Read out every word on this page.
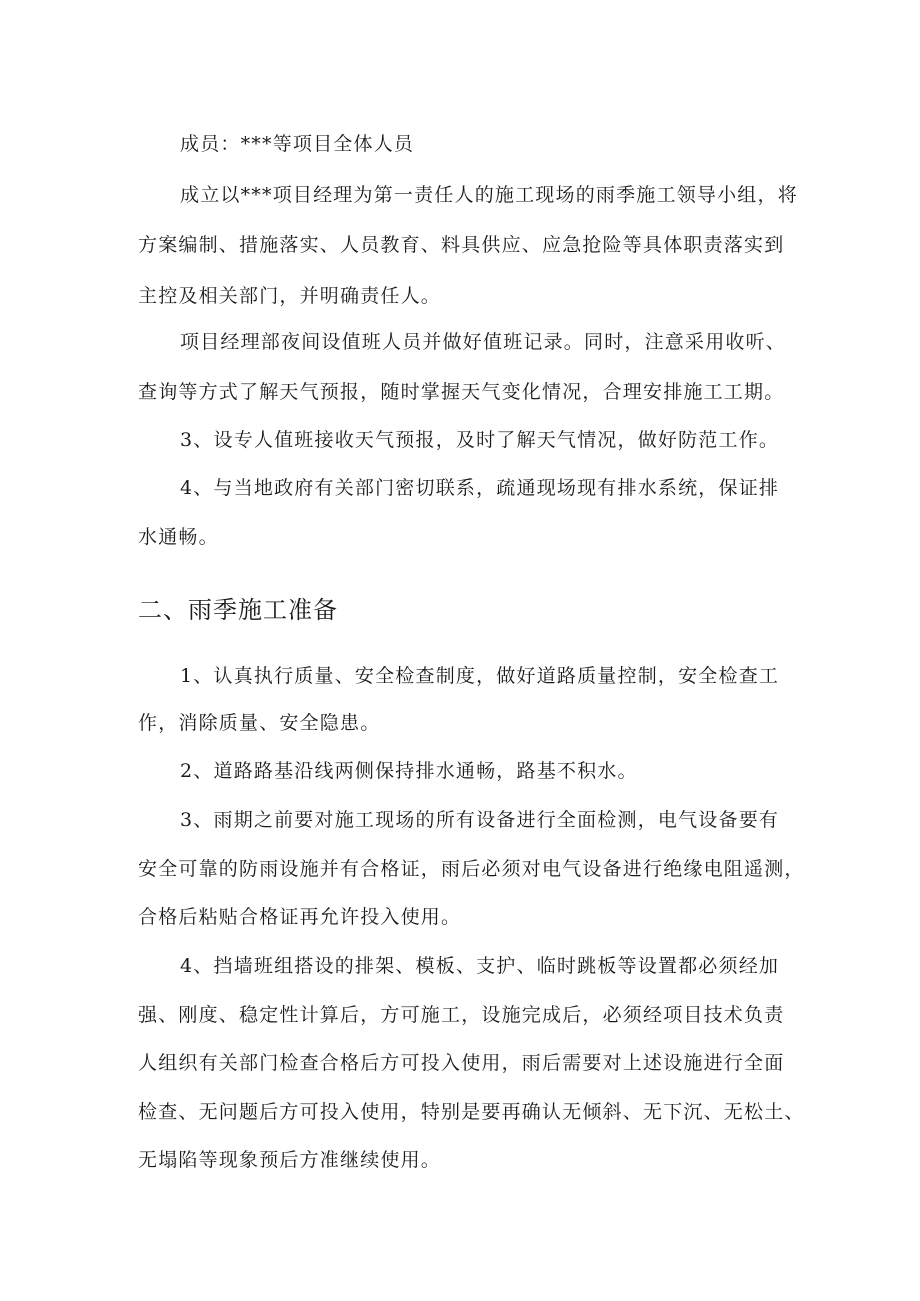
成员：***等项目全体人员
成立以***项目经理为第一责任人的施工现场的雨季施工领导小组，将
方案编制、措施落实、人员教育、料具供应、应急抢险等具体职责落实到
主控及相关部门，并明确责任人。
项目经理部夜间设值班人员并做好值班记录。同时，注意采用收听、
查询等方式了解天气预报，随时掌握天气变化情况，合理安排施工工期。
3、设专人值班接收天气预报，及时了解天气情况，做好防范工作。
4、与当地政府有关部门密切联系，疏通现场现有排水系统，保证排
水通畅。
二、雨季施工准备
1、认真执行质量、安全检查制度，做好道路质量控制，安全检查工
作，消除质量、安全隐患。
2、道路路基沿线两侧保持排水通畅，路基不积水。
3、雨期之前要对施工现场的所有设备进行全面检测，电气设备要有
安全可靠的防雨设施并有合格证，雨后必须对电气设备进行绝缘电阻遥测，
合格后粘贴合格证再允许投入使用。
4、挡墙班组搭设的排架、模板、支护、临时跳板等设置都必须经加
强、刚度、稳定性计算后，方可施工，设施完成后，必须经项目技术负责
人组织有关部门检查合格后方可投入使用，雨后需要对上述设施进行全面
检查、无问题后方可投入使用，特别是要再确认无倾斜、无下沉、无松土、
无塌陷等现象预后方准继续使用。
